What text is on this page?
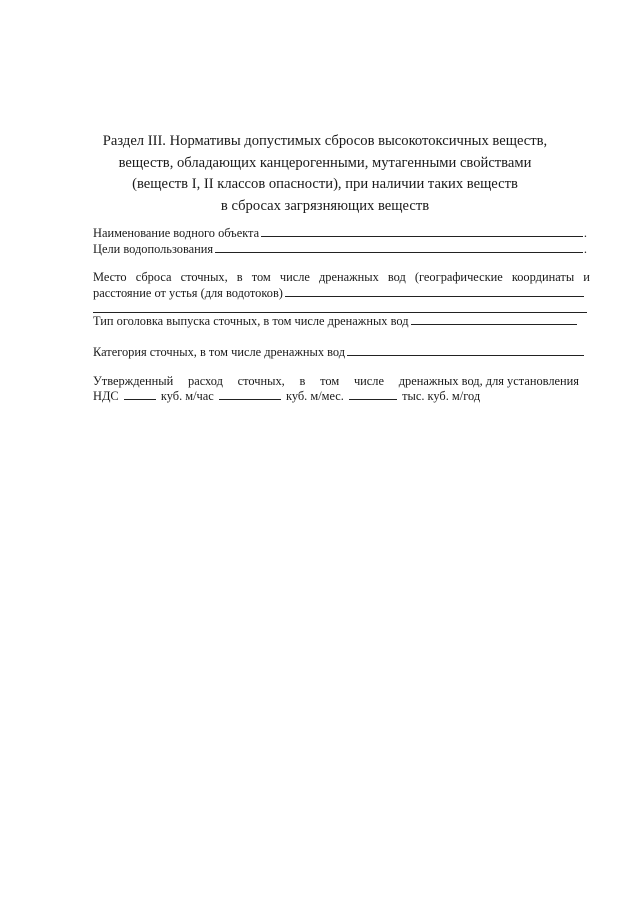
Раздел III. Нормативы допустимых сбросов высокотоксичных веществ,
веществ, обладающих канцерогенными, мутагенными свойствами
(веществ I, II классов опасности), при наличии таких веществ
в сбросах загрязняющих веществ
Наименование водного объекта	.
Цели водопользования	.
Место сброса сточных, в том числе дренажных вод (географические координаты и
расстояние от устья (для водотоков)
Тип оголовка выпуска сточных, в том числе дренажных вод
Категория сточных, в том числе дренажных вод
Утвержденный расход сточных, в том числе дренажных вод, для установления
НДС	куб. м/час	куб. м/мес.	тыс. куб. м/год
